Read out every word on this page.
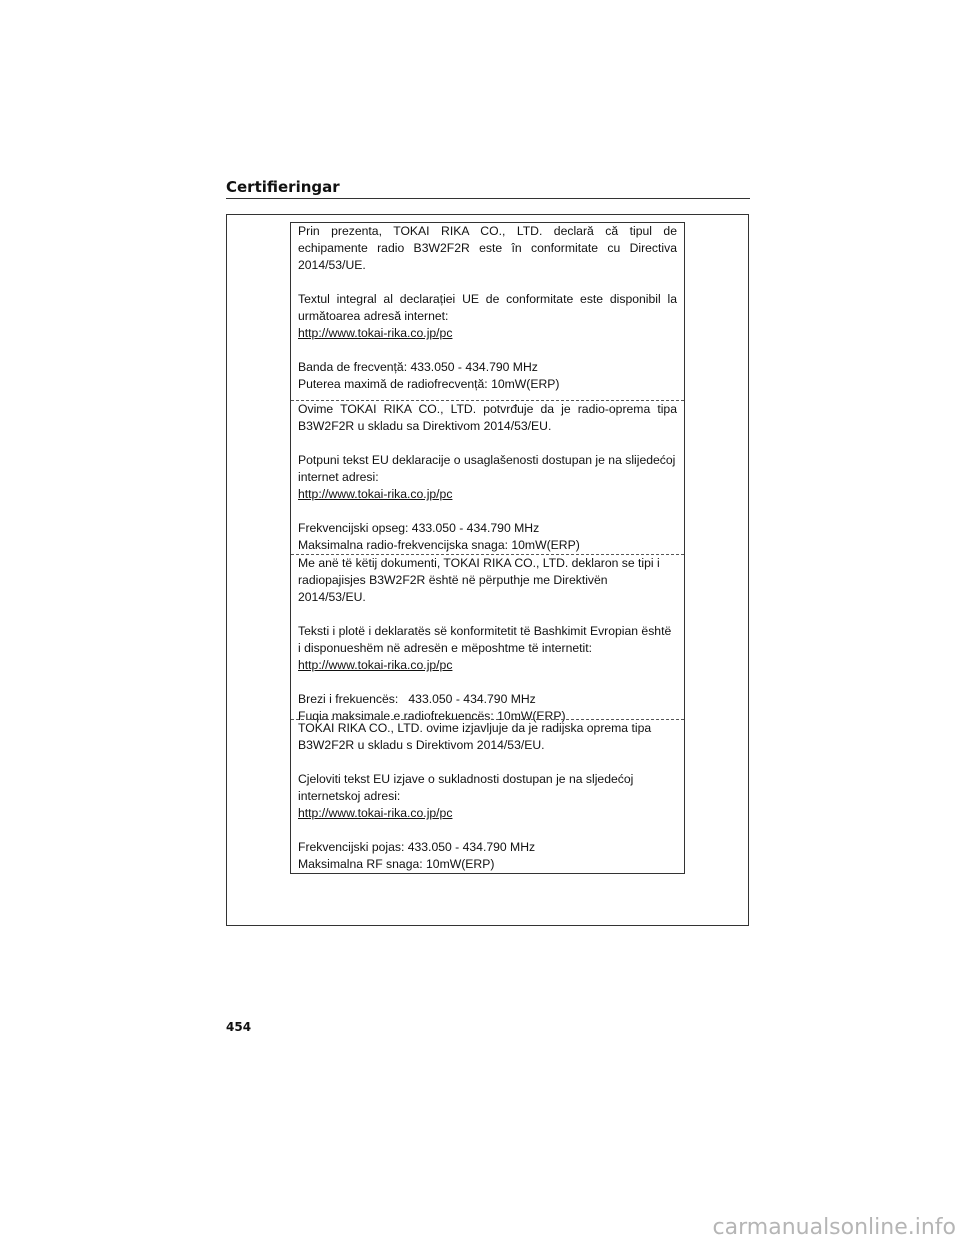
Certifieringar

Prin prezenta, TOKAI RIKA CO., LTD. declară că tipul de echipamente radio B3W2F2R este în conformitate cu Directiva 2014/53/UE.

Textul integral al declarației UE de conformitate este disponibil la următoarea adresă internet:

http://www.tokai-rika.co.jp/pc

Banda de frecvență: 433.050 - 434.790 MHz

Puterea maximă de radiofrecvență: 10mW(ERP)

Ovime TOKAI RIKA CO., LTD. potvrđuje da je radio-oprema tipa B3W2F2R u skladu sa Direktivom 2014/53/EU.

Potpuni tekst EU deklaracije o usaglašenosti dostupan je na slijedećoj internet adresi:

http://www.tokai-rika.co.jp/pc

Frekvencijski opseg: 433.050 - 434.790 MHz

Maksimalna radio-frekvencijska snaga: 10mW(ERP)

Me anë të këtij dokumenti, TOKAI RIKA CO., LTD. deklaron se tipi i radiopajisjes B3W2F2R është në përputhje me Direktivën 2014/53/EU.

Teksti i plotë i deklaratës së konformitetit të Bashkimit Evropian është i disponueshëm në adresën e mëposhtme të internetit:

http://www.tokai-rika.co.jp/pc

Brezi i frekuencës:   433.050 - 434.790 MHz

Fuqia maksimale e radiofrekuencës: 10mW(ERP)

TOKAI RIKA CO., LTD. ovime izjavljuje da je radijska oprema tipa B3W2F2R u skladu s Direktivom 2014/53/EU.

Cjeloviti tekst EU izjave o sukladnosti dostupan je na sljedećoj internetskoj adresi:

http://www.tokai-rika.co.jp/pc

Frekvencijski pojas: 433.050 - 434.790 MHz

Maksimalna RF snaga: 10mW(ERP)

454
carmanualsonline.info
